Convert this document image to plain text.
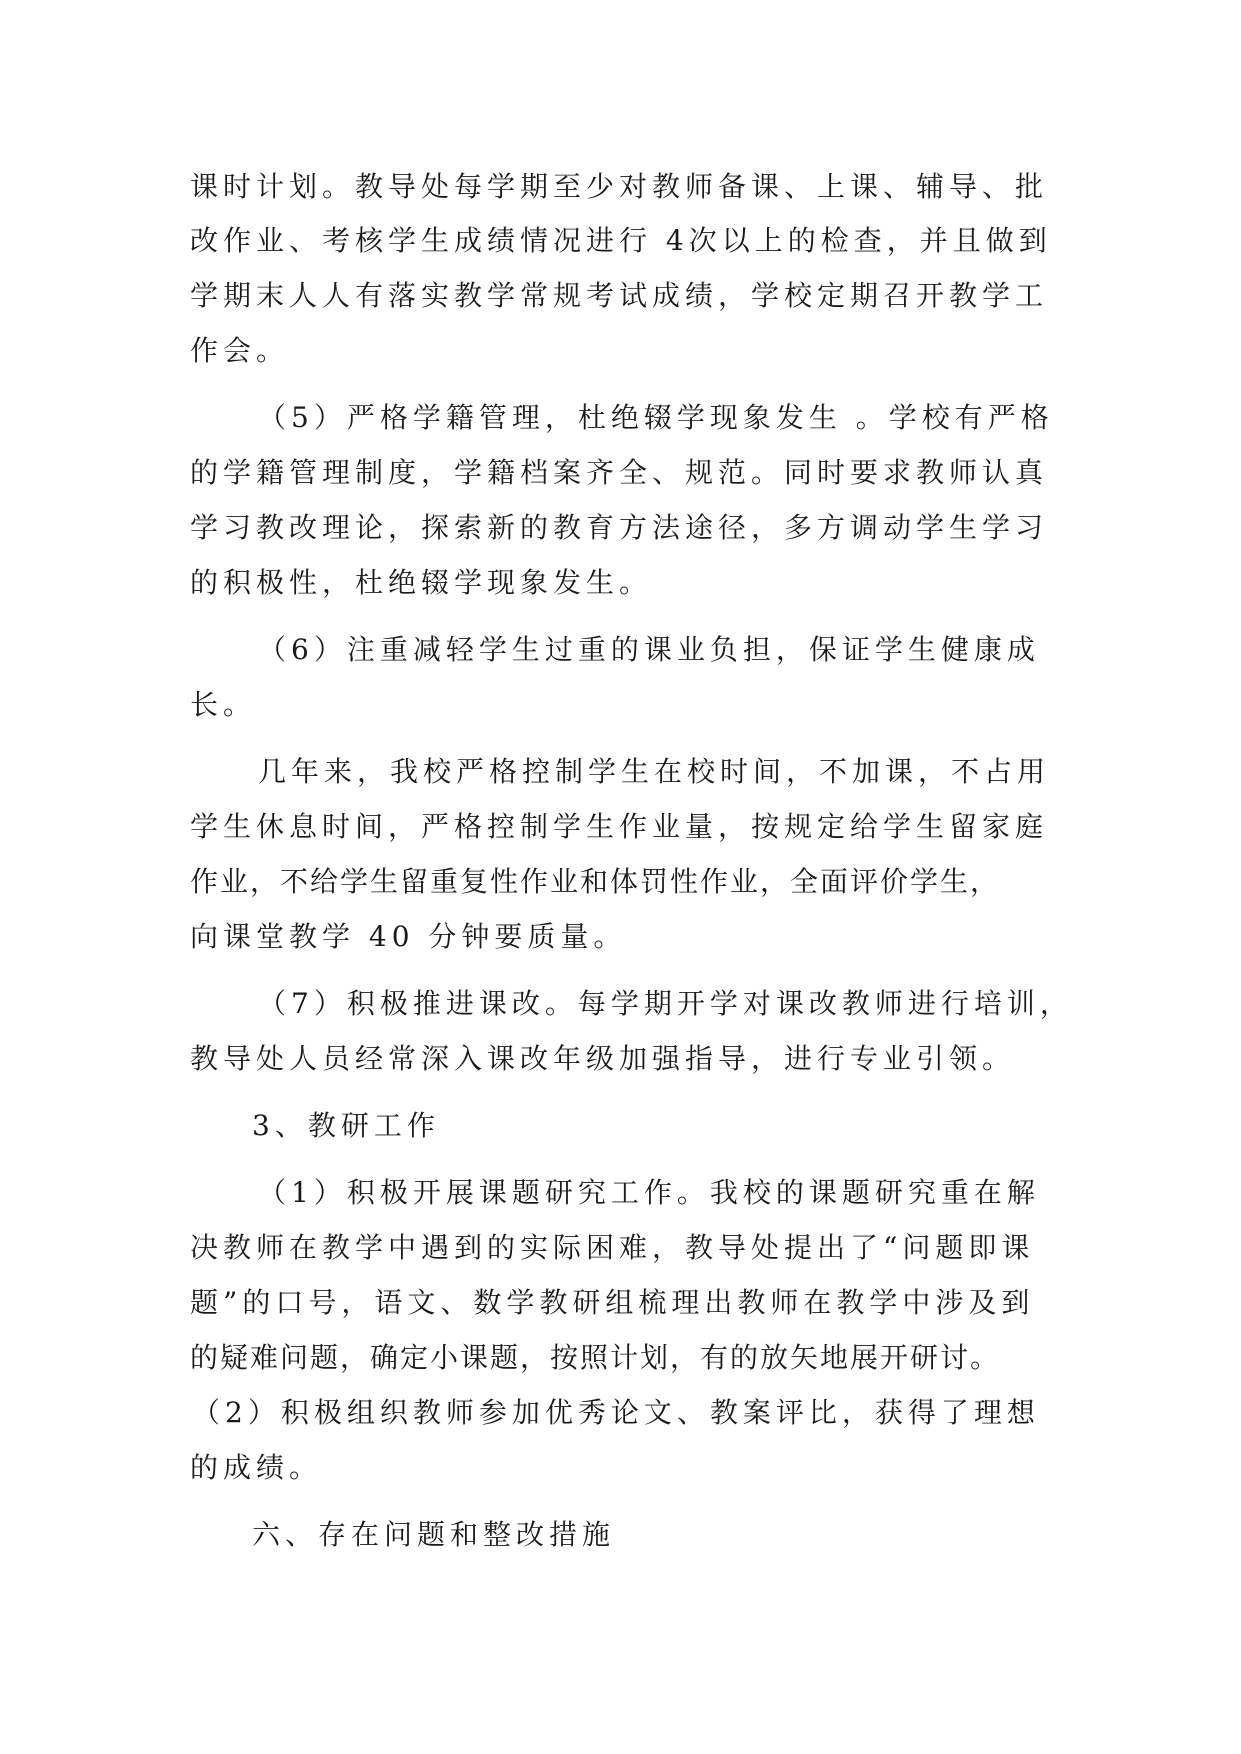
课时计划。教导处每学期至少对教师备课、上课、辅导、批

改作业、考核学生成绩情况进行 4次以上的检查，并且做到

学期末人人有落实教学常规考试成绩，学校定期召开教学工

作会。

（5）严格学籍管理，杜绝辍学现象发生 。学校有严格

的学籍管理制度，学籍档案齐全、规范。同时要求教师认真

学习教改理论，探索新的教育方法途径，多方调动学生学习

的积极性，杜绝辍学现象发生。

（6）注重减轻学生过重的课业负担，保证学生健康成

长。

几年来，我校严格控制学生在校时间，不加课，不占用

学生休息时间，严格控制学生作业量，按规定给学生留家庭

作业，不给学生留重复性作业和体罚性作业，全面评价学生，

向课堂教学 40 分钟要质量。

（7）积极推进课改。每学期开学对课改教师进行培训，

教导处人员经常深入课改年级加强指导，进行专业引领。

3、教研工作

（1）积极开展课题研究工作。我校的课题研究重在解

决教师在教学中遇到的实际困难，教导处提出了“问题即课

题”的口号，语文、数学教研组梳理出教师在教学中涉及到

的疑难问题，确定小课题，按照计划，有的放矢地展开研讨。

（2）积极组织教师参加优秀论文、教案评比，获得了理想

的成绩。

六、存在问题和整改措施
